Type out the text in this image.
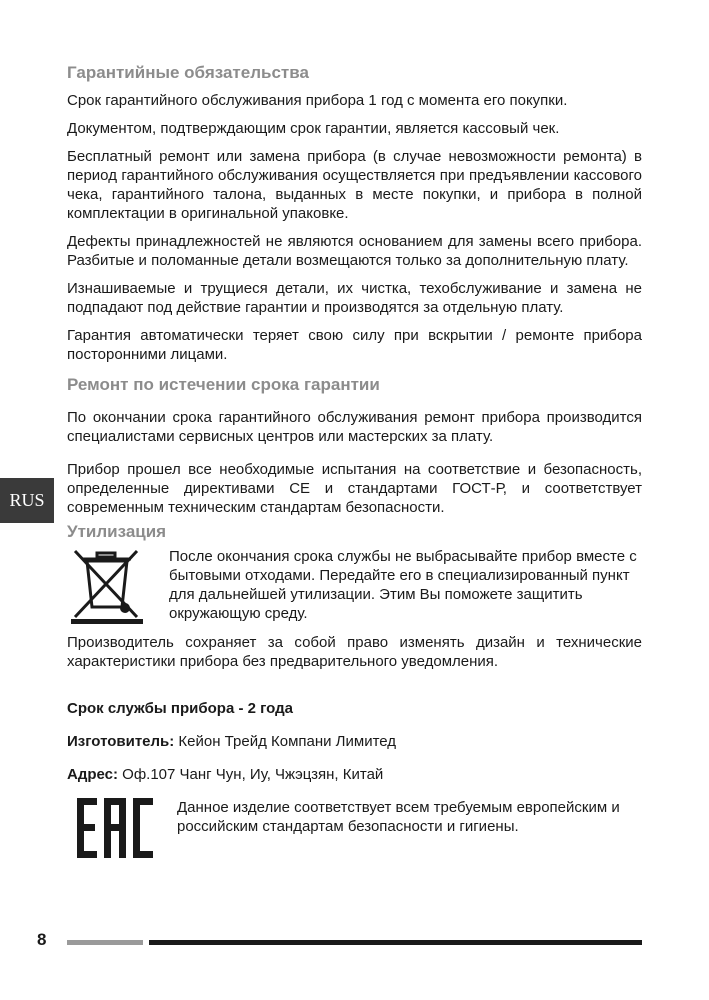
RUS
Гарантийные обязательства

Срок гарантийного обслуживания прибора 1 год с момента его покупки.

Документом, подтверждающим срок гарантии, является кассовый чек.

Бесплатный ремонт или замена прибора (в случае невозможности ремонта) в период гарантийного обслуживания осуществляется при предъявлении кассового чека, гарантийного талона, выданных в месте покупки, и прибора в полной комплектации в оригинальной упаковке.

Дефекты принадлежностей не являются основанием для замены всего прибора. Разбитые и поломанные детали возмещаются только за дополнительную плату.

Изнашиваемые и трущиеся детали, их чистка, техобслуживание и замена не подпадают под действие гарантии и производятся за отдельную плату.

Гарантия автоматически теряет свою силу при вскрытии / ремонте прибора посторонними лицами.

Ремонт по истечении срока гарантии

По окончании срока гарантийного обслуживания ремонт прибора производится специалистами сервисных центров или мастерских за плату.

Прибор прошел все необходимые испытания на соответствие и безопасность, определенные директивами CE и стандартами ГОСТ-Р, и соответствует современным техническим стандартам безопасности.

Утилизация

После окончания срока службы не выбрасывайте прибор вместе с бытовыми отходами. Передайте его в специализированный пункт для дальнейшей утилизации. Этим Вы поможете защитить окружающую среду.

Производитель сохраняет за собой право изменять дизайн и технические характеристики прибора без предварительного уведомления.

Срок службы прибора - 2 года

Изготовитель: Кейон Трейд Компани Лимитед

Адрес: Оф.107 Чанг Чун, Иу, Чжэцзян, Китай

Данное изделие соответствует всем требуемым европейским и российским стандартам безопасности и гигиены.

8
